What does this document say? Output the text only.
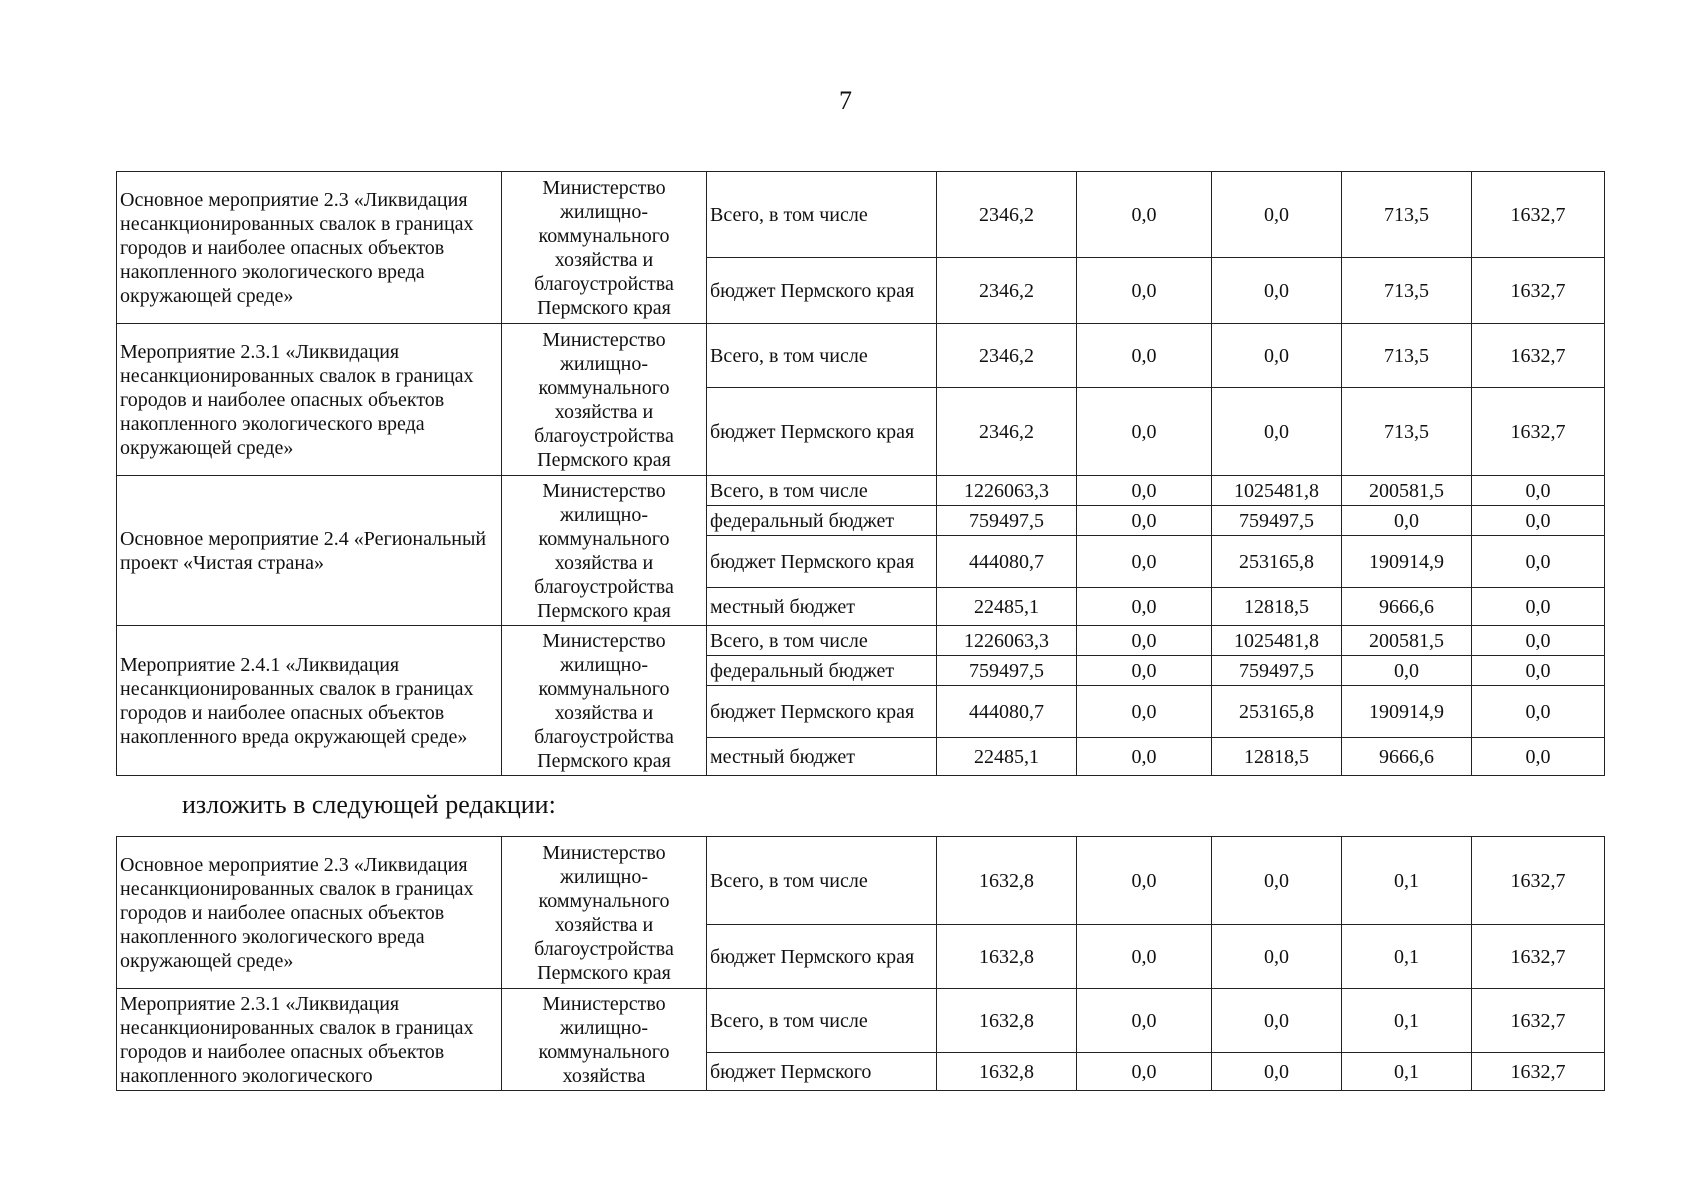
7
Основное мероприятие 2.3 «Ликвидация несанкционированных свалок в границах городов и наиболее опасных объектов накопленного экологического вреда окружающей среде»	Министерство жилищно-коммунального хозяйства и благоустройства Пермского края	Всего, в том числе	2346,2	0,0	0,0	713,5	1632,7
		бюджет Пермского края	2346,2	0,0	0,0	713,5	1632,7
Мероприятие 2.3.1 «Ликвидация несанкционированных свалок в границах городов и наиболее опасных объектов накопленного экологического вреда окружающей среде»	Министерство жилищно-коммунального хозяйства и благоустройства Пермского края	Всего, в том числе	2346,2	0,0	0,0	713,5	1632,7
		бюджет Пермского края	2346,2	0,0	0,0	713,5	1632,7
Основное мероприятие 2.4 «Региональный проект «Чистая страна»	Министерство жилищно-коммунального хозяйства и благоустройства Пермского края	Всего, в том числе	1226063,3	0,0	1025481,8	200581,5	0,0
		федеральный бюджет	759497,5	0,0	759497,5	0,0	0,0
		бюджет Пермского края	444080,7	0,0	253165,8	190914,9	0,0
		местный бюджет	22485,1	0,0	12818,5	9666,6	0,0
Мероприятие 2.4.1 «Ликвидация несанкционированных свалок в границах городов и наиболее опасных объектов накопленного вреда окружающей среде»	Министерство жилищно-коммунального хозяйства и благоустройства Пермского края	Всего, в том числе	1226063,3	0,0	1025481,8	200581,5	0,0
		федеральный бюджет	759497,5	0,0	759497,5	0,0	0,0
		бюджет Пермского края	444080,7	0,0	253165,8	190914,9	0,0
		местный бюджет	22485,1	0,0	12818,5	9666,6	0,0
изложить в следующей редакции:
Основное мероприятие 2.3 «Ликвидация несанкционированных свалок в границах городов и наиболее опасных объектов накопленного экологического вреда окружающей среде»	Министерство жилищно-коммунального хозяйства и благоустройства Пермского края	Всего, в том числе	1632,8	0,0	0,0	0,1	1632,7
		бюджет Пермского края	1632,8	0,0	0,0	0,1	1632,7
Мероприятие 2.3.1 «Ликвидация несанкционированных свалок в границах городов и наиболее опасных объектов накопленного экологического	Министерство жилищно-коммунального хозяйства	Всего, в том числе	1632,8	0,0	0,0	0,1	1632,7
		бюджет Пермского	1632,8	0,0	0,0	0,1	1632,7
